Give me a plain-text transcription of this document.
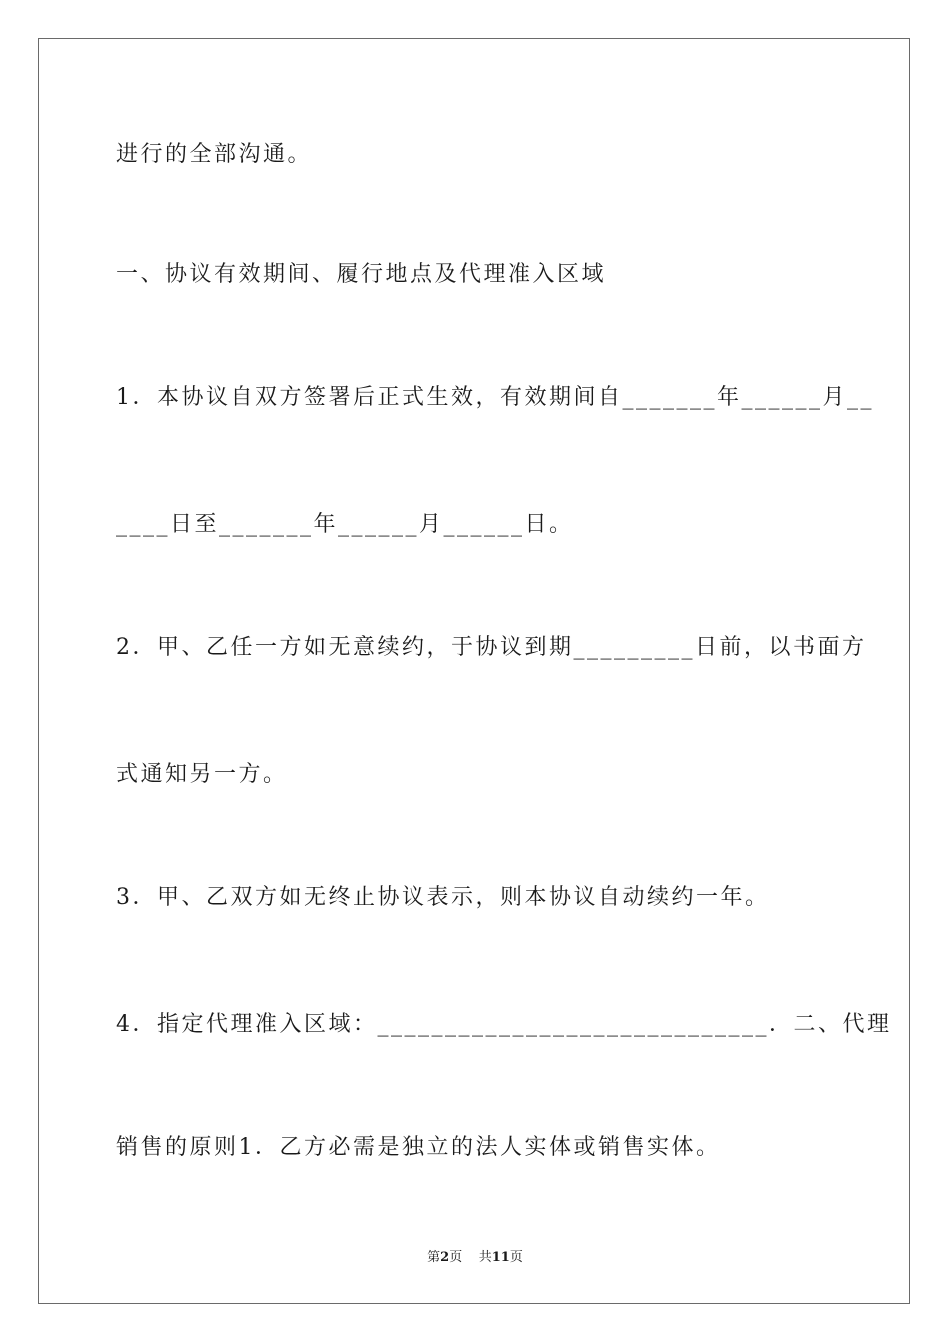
进行的全部沟通。
一、协议有效期间、履行地点及代理准入区域
1．本协议自双方签署后正式生效，有效期间自_______年______月__
____日至_______年______月______日。
2．甲、乙任一方如无意续约，于协议到期_________日前，以书面方
式通知另一方。
3．甲、乙双方如无终止协议表示，则本协议自动续约一年。
4．指定代理准入区域：_____________________________．二、代理
销售的原则1．乙方必需是独立的法人实体或销售实体。
第2页 共11页
